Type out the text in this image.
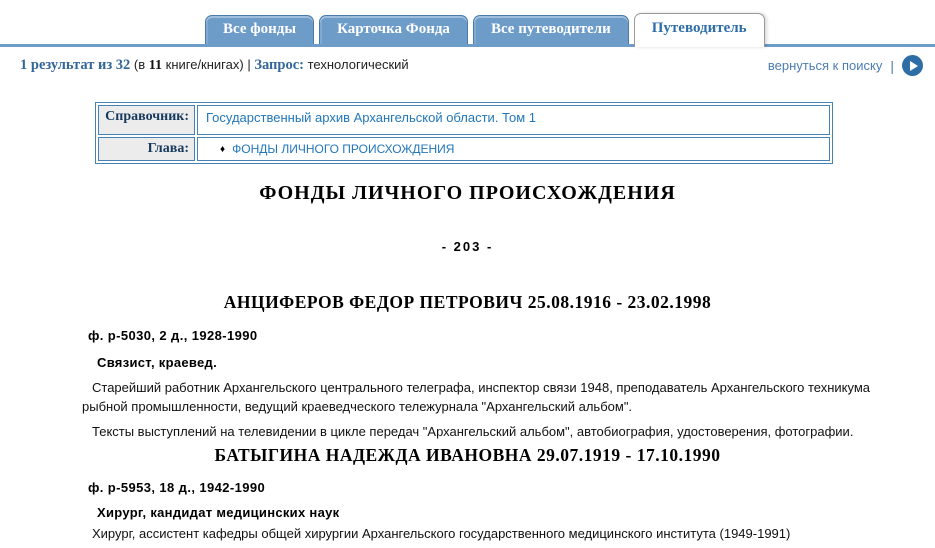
Все фонды	Карточка Фонда	Все путеводители	Путеводитель
1 результат из 32 (в 11 книге/книгах) | Запрос: технологический	вернуться к поиску |
Справочник:	Государственный архив Архангельской области. Том 1
Глава:	♦ ФОНДЫ ЛИЧНОГО ПРОИСХОЖДЕНИЯ
ФОНДЫ ЛИЧНОГО ПРОИСХОЖДЕНИЯ
- 203 -
АНЦИФЕРОВ ФЕДОР ПЕТРОВИЧ 25.08.1916 - 23.02.1998

ф. р-5030, 2 д., 1928-1990

Связист, краевед.

Старейший работник Архангельского центрального телеграфа, инспектор связи 1948, преподаватель Архангельского техникума рыбной промышленности, ведущий краеведческого тележурнала "Архангельский альбом".

Тексты выступлений на телевидении в цикле передач "Архангельский альбом", автобиография, удостоверения, фотографии.

БАТЫГИНА НАДЕЖДА ИВАНОВНА 29.07.1919 - 17.10.1990

ф. р-5953, 18 д., 1942-1990

Хирург, кандидат медицинских наук

Хирург, ассистент кафедры общей хирургии Архангельского государственного медицинского института (1949-1991)
